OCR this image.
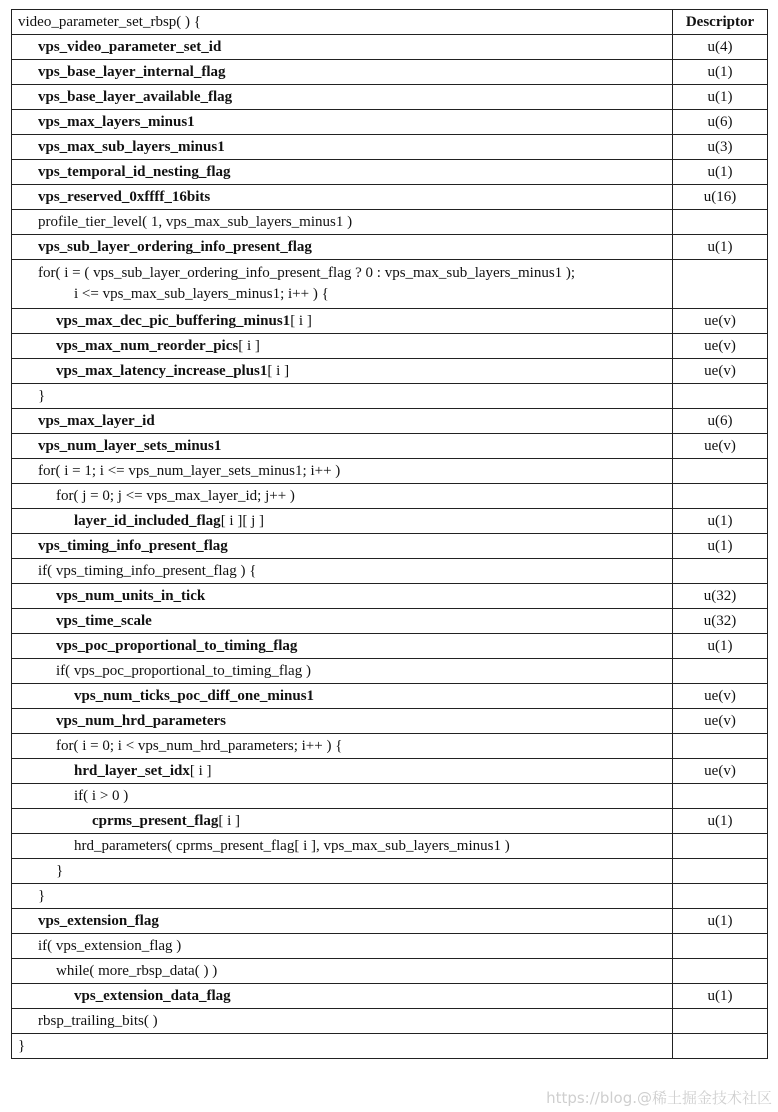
video_parameter_set_rbsp( ) {	Descriptor
vps_video_parameter_set_id	u(4)
vps_base_layer_internal_flag	u(1)
vps_base_layer_available_flag	u(1)
vps_max_layers_minus1	u(6)
vps_max_sub_layers_minus1	u(3)
vps_temporal_id_nesting_flag	u(1)
vps_reserved_0xffff_16bits	u(16)
profile_tier_level( 1, vps_max_sub_layers_minus1 )	
vps_sub_layer_ordering_info_present_flag	u(1)
for( i = ( vps_sub_layer_ordering_info_present_flag ? 0 : vps_max_sub_layers_minus1 );
i <= vps_max_sub_layers_minus1; i++ ) {	

vps_max_dec_pic_buffering_minus1[ i ]	ue(v)
vps_max_num_reorder_pics[ i ]	ue(v)
vps_max_latency_increase_plus1[ i ]	ue(v)
}	
vps_max_layer_id	u(6)
vps_num_layer_sets_minus1	ue(v)
for( i = 1; i <= vps_num_layer_sets_minus1; i++ )	
for( j = 0; j <= vps_max_layer_id; j++ )	
layer_id_included_flag[ i ][ j ]	u(1)
vps_timing_info_present_flag	u(1)
if( vps_timing_info_present_flag ) {	
vps_num_units_in_tick	u(32)
vps_time_scale	u(32)
vps_poc_proportional_to_timing_flag	u(1)
if( vps_poc_proportional_to_timing_flag )	
vps_num_ticks_poc_diff_one_minus1	ue(v)
vps_num_hrd_parameters	ue(v)
for( i = 0; i < vps_num_hrd_parameters; i++ ) {	
hrd_layer_set_idx[ i ]	ue(v)
if( i > 0 )	
cprms_present_flag[ i ]	u(1)
hrd_parameters( cprms_present_flag[ i ], vps_max_sub_layers_minus1 )	
}	
}	
vps_extension_flag	u(1)
if( vps_extension_flag )	
while( more_rbsp_data( ) )	
vps_extension_data_flag	u(1)
rbsp_trailing_bits( )	
}	
https://blog.@稀土掘金技术社区
